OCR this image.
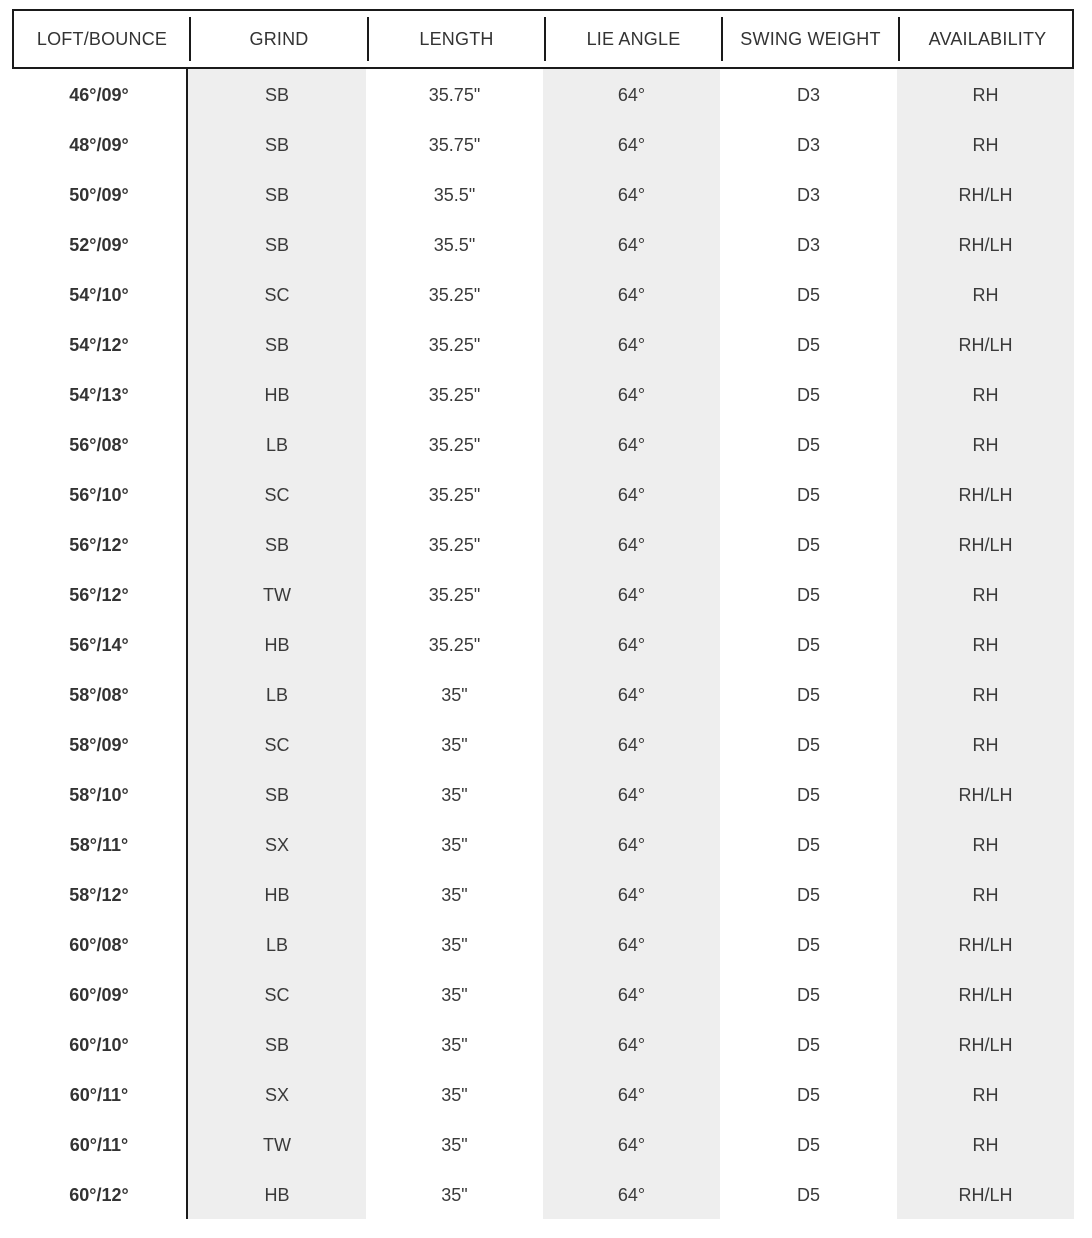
LOFT/BOUNCE	GRIND	LENGTH	LIE ANGLE	SWING WEIGHT	AVAILABILITY
46°/09°	SB	35.75"	64°	D3	RH
48°/09°	SB	35.75"	64°	D3	RH
50°/09°	SB	35.5"	64°	D3	RH/LH
52°/09°	SB	35.5"	64°	D3	RH/LH
54°/10°	SC	35.25"	64°	D5	RH
54°/12°	SB	35.25"	64°	D5	RH/LH
54°/13°	HB	35.25"	64°	D5	RH
56°/08°	LB	35.25"	64°	D5	RH
56°/10°	SC	35.25"	64°	D5	RH/LH
56°/12°	SB	35.25"	64°	D5	RH/LH
56°/12°	TW	35.25"	64°	D5	RH
56°/14°	HB	35.25"	64°	D5	RH
58°/08°	LB	35"	64°	D5	RH
58°/09°	SC	35"	64°	D5	RH
58°/10°	SB	35"	64°	D5	RH/LH
58°/11°	SX	35"	64°	D5	RH
58°/12°	HB	35"	64°	D5	RH
60°/08°	LB	35"	64°	D5	RH/LH
60°/09°	SC	35"	64°	D5	RH/LH
60°/10°	SB	35"	64°	D5	RH/LH
60°/11°	SX	35"	64°	D5	RH
60°/11°	TW	35"	64°	D5	RH
60°/12°	HB	35"	64°	D5	RH/LH
